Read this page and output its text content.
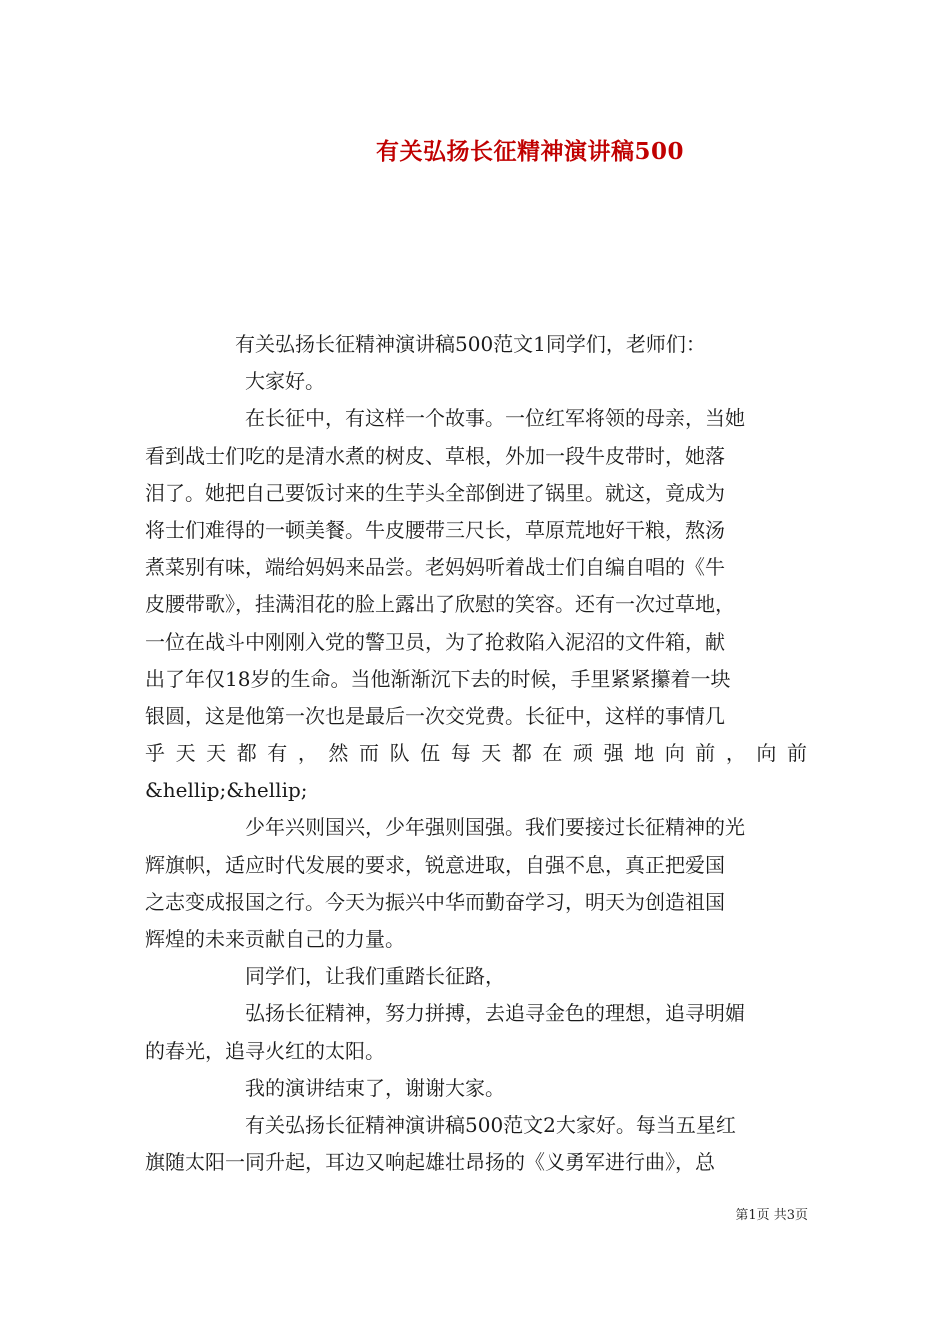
有关弘扬长征精神演讲稿500
有关弘扬长征精神演讲稿500范文1同学们，老师们：
大家好。
在长征中，有这样一个故事。一位红军将领的母亲，当她
看到战士们吃的是清水煮的树皮、草根，外加一段牛皮带时，她落
泪了。她把自己要饭讨来的生芋头全部倒进了锅里。就这，竟成为
将士们难得的一顿美餐。牛皮腰带三尺长，草原荒地好干粮，熬汤
煮菜别有味，端给妈妈来品尝。老妈妈听着战士们自编自唱的《牛
皮腰带歌》，挂满泪花的脸上露出了欣慰的笑容。还有一次过草地，
一位在战斗中刚刚入党的警卫员，为了抢救陷入泥沼的文件箱，献
出了年仅18岁的生命。当他渐渐沉下去的时候，手里紧紧攥着一块
银圆，这是他第一次也是最后一次交党费。长征中，这样的事情几
乎 天 天 都 有 ， 然 而 队 伍 每 天 都 在 顽 强 地 向 前 ， 向 前
&hellip;&hellip;
少年兴则国兴，少年强则国强。我们要接过长征精神的光
辉旗帜，适应时代发展的要求，锐意进取，自强不息，真正把爱国
之志变成报国之行。今天为振兴中华而勤奋学习，明天为创造祖国
辉煌的未来贡献自己的力量。
同学们，让我们重踏长征路，
弘扬长征精神，努力拼搏，去追寻金色的理想，追寻明媚
的春光，追寻火红的太阳。
我的演讲结束了，谢谢大家。
有关弘扬长征精神演讲稿500范文2大家好。每当五星红
旗随太阳一同升起，耳边又响起雄壮昂扬的《义勇军进行曲》，总
第1页 共3页
